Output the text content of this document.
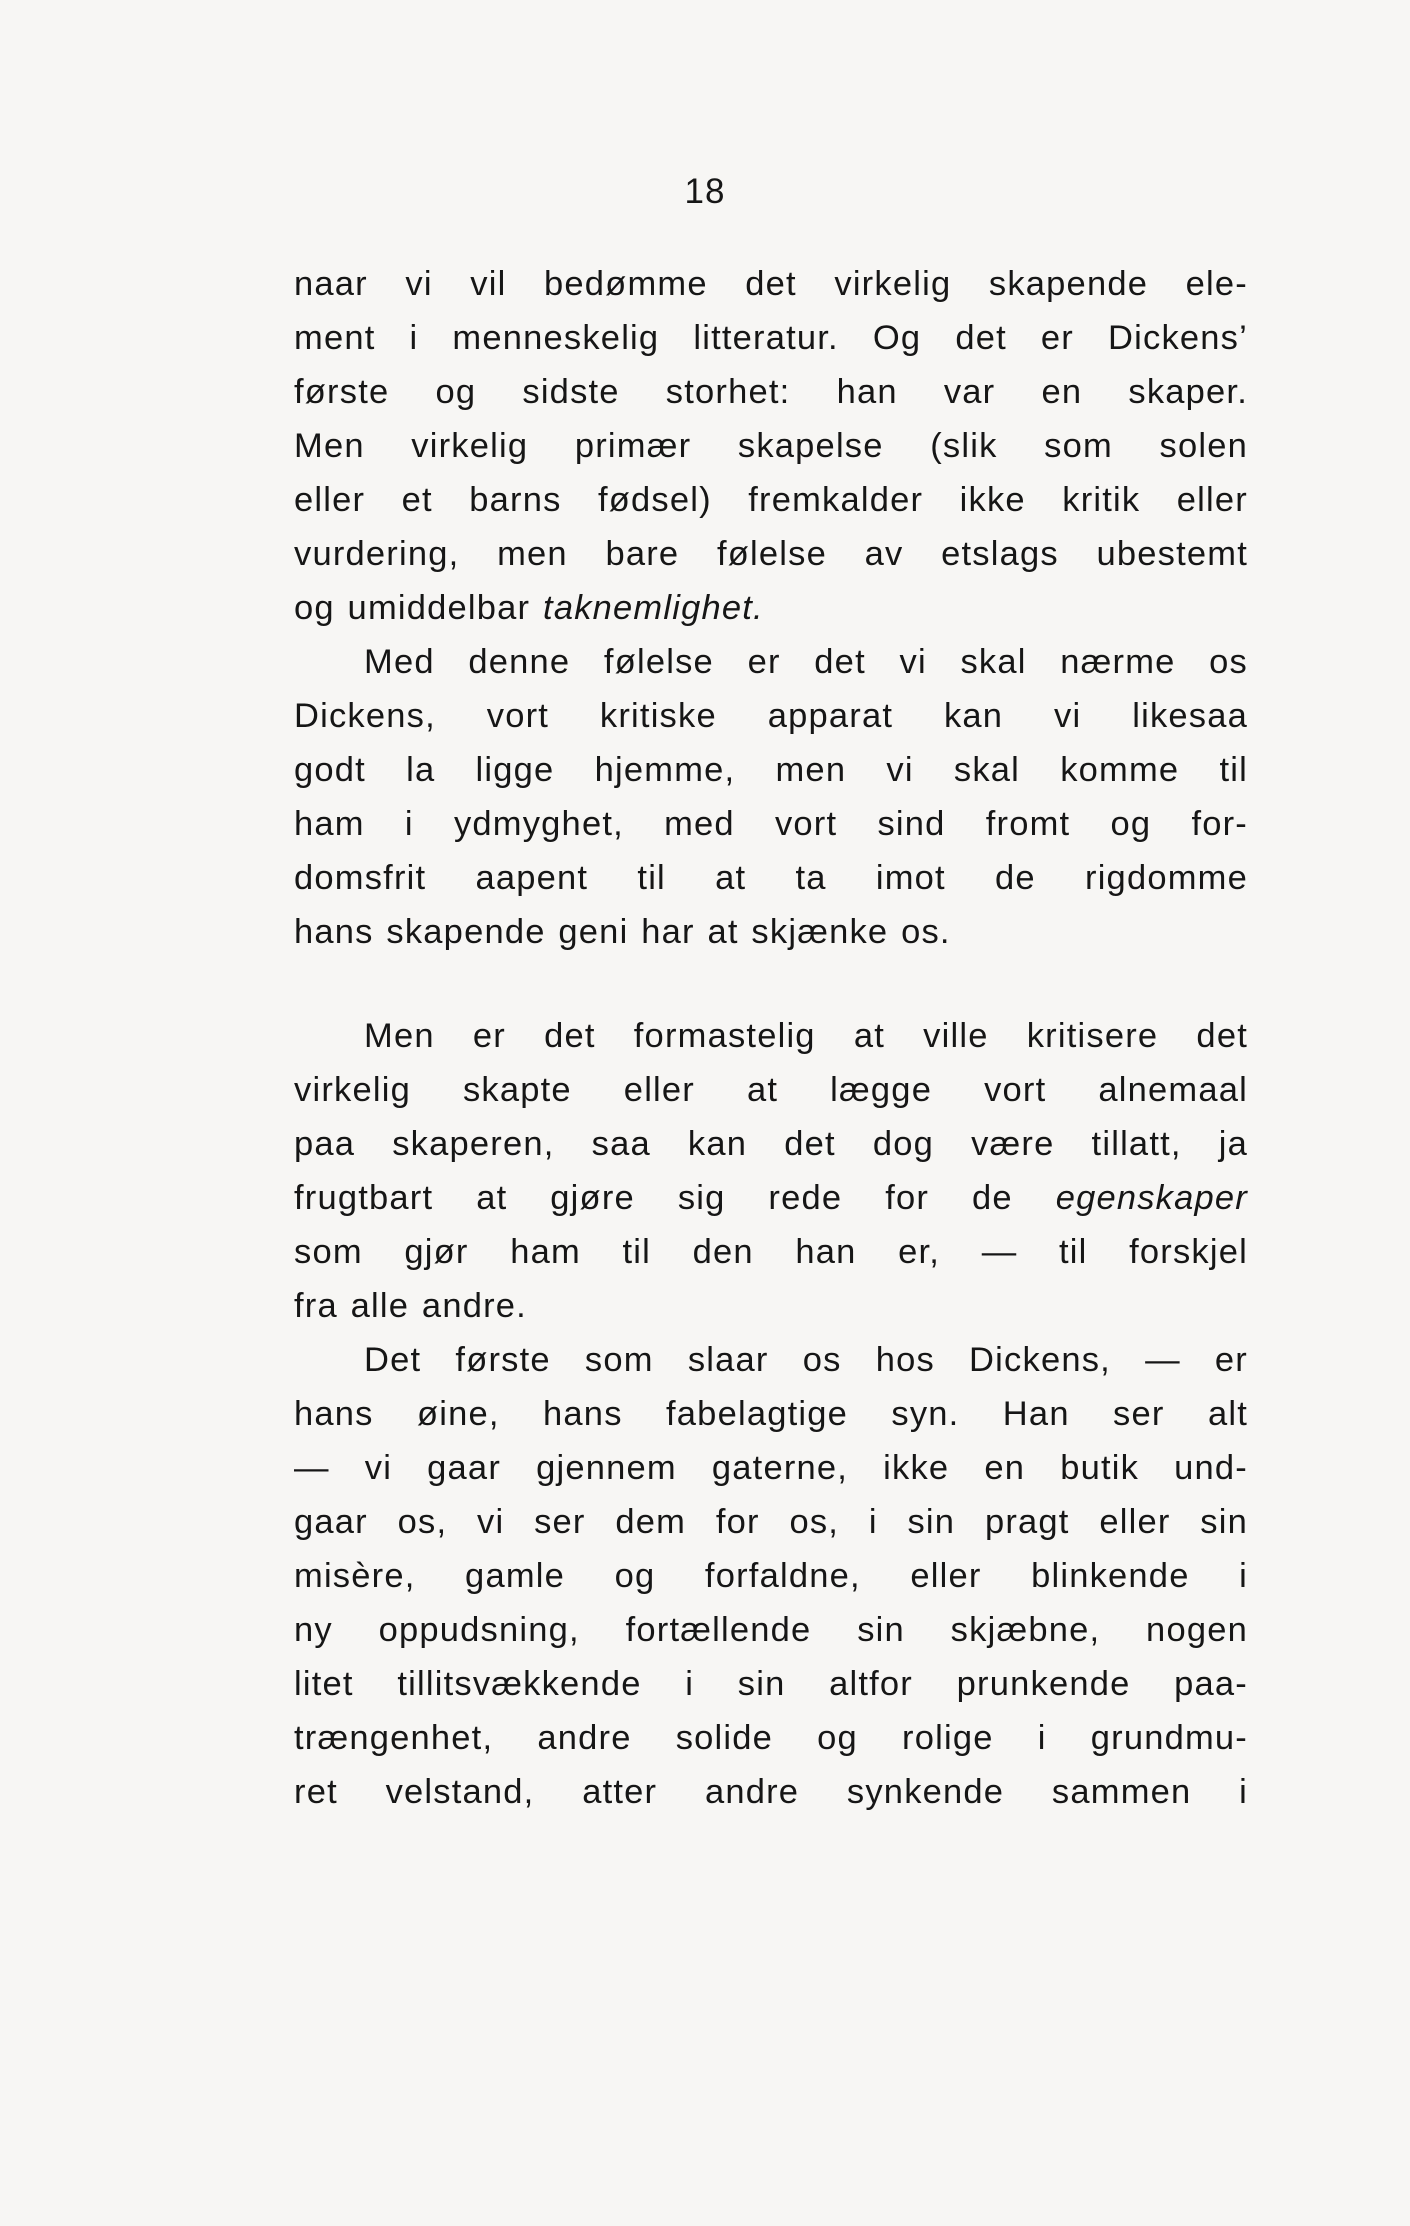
18
naar vi vil bedømme det virkelig skapende ele-
ment i menneskelig litteratur. Og det er Dickens’
første og sidste storhet: han var en skaper.
Men virkelig primær skapelse (slik som solen
eller et barns fødsel) fremkalder ikke kritik eller
vurdering, men bare følelse av etslags ubestemt
og umiddelbar taknemlighet.
Med denne følelse er det vi skal nærme os
Dickens, vort kritiske apparat kan vi likesaa
godt la ligge hjemme, men vi skal komme til
ham i ydmyghet, med vort sind fromt og for-
domsfrit aapent til at ta imot de rigdomme
hans skapende geni har at skjænke os.
Men er det formastelig at ville kritisere det
virkelig skapte eller at lægge vort alnemaal
paa skaperen, saa kan det dog være tillatt, ja
frugtbart at gjøre sig rede for de egenskaper
som gjør ham til den han er, — til forskjel
fra alle andre.
Det første som slaar os hos Dickens, — er
hans øine, hans fabelagtige syn. Han ser alt
— vi gaar gjennem gaterne, ikke en butik und-
gaar os, vi ser dem for os, i sin pragt eller sin
misère, gamle og forfaldne, eller blinkende i
ny oppudsning, fortællende sin skjæbne, nogen
litet tillitsvækkende i sin altfor prunkende paa-
trængenhet, andre solide og rolige i grundmu-
ret velstand, atter andre synkende sammen i
